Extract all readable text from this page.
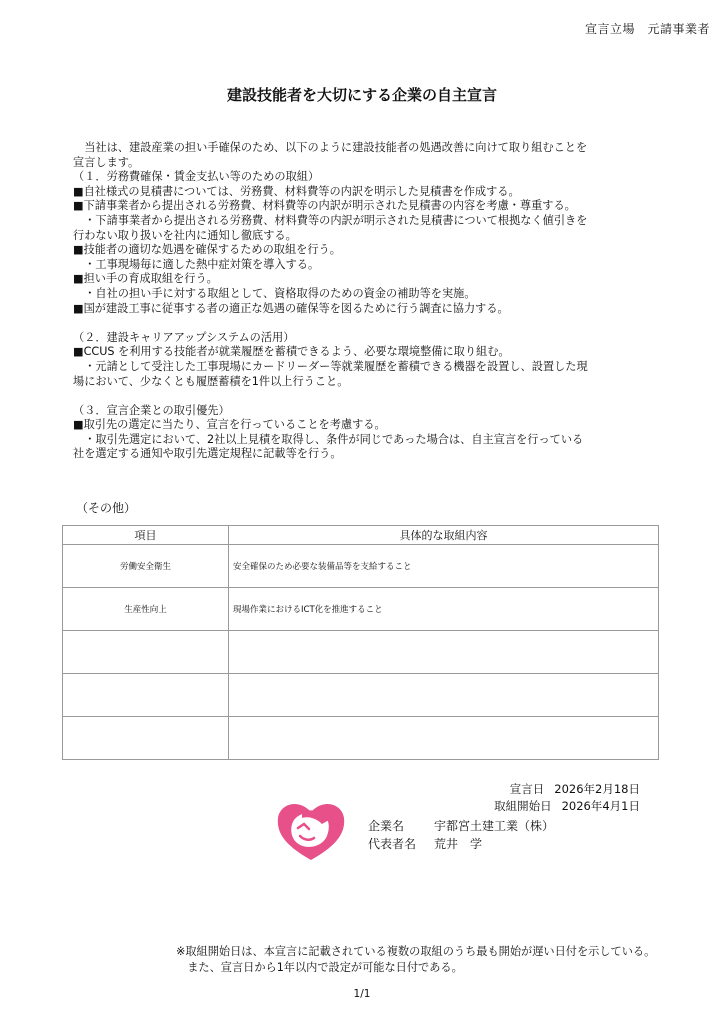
宣言立場　元請事業者
建設技能者を大切にする企業の自主宣言
　当社は、建設産業の担い手確保のため、以下のように建設技能者の処遇改善に向けて取り組むことを
宣言します。
（１．労務費確保・賃金支払い等のための取組）
■自社様式の見積書については、労務費、材料費等の内訳を明示した見積書を作成する。
■下請事業者から提出される労務費、材料費等の内訳が明示された見積書の内容を考慮・尊重する。
　・下請事業者から提出される労務費、材料費等の内訳が明示された見積書について根拠なく値引きを
行わない取り扱いを社内に通知し徹底する。
■技能者の適切な処遇を確保するための取組を行う。
　・工事現場毎に適した熱中症対策を導入する。
■担い手の育成取組を行う。
　・自社の担い手に対する取組として、資格取得のための資金の補助等を実施。
■国が建設工事に従事する者の適正な処遇の確保等を図るために行う調査に協力する。
（２．建設キャリアアップシステムの活用）
■CCUS を利用する技能者が就業履歴を蓄積できるよう、必要な環境整備に取り組む。
　・元請として受注した工事現場にカードリーダー等就業履歴を蓄積できる機器を設置し、設置した現
場において、少なくとも履歴蓄積を1件以上行うこと。
（３．宣言企業との取引優先）
■取引先の選定に当たり、宣言を行っていることを考慮する。
　・取引先選定において、2社以上見積を取得し、条件が同じであった場合は、自主宣言を行っている
社を選定する通知や取引先選定規程に記載等を行う。
（その他）
項目	具体的な取組内容
労働安全衛生	安全確保のため必要な装備品等を支給すること
生産性向上	現場作業におけるICT化を推進すること

宣言日 2026年2月18日
取組開始日 2026年4月1日
企業名	宇都宮土建工業（株）
代表者名	荒井　学
※取組開始日は、本宣言に記載されている複数の取組のうち最も開始が遅い日付を示している。
　また、宣言日から1年以内で設定が可能な日付である。
1/1
